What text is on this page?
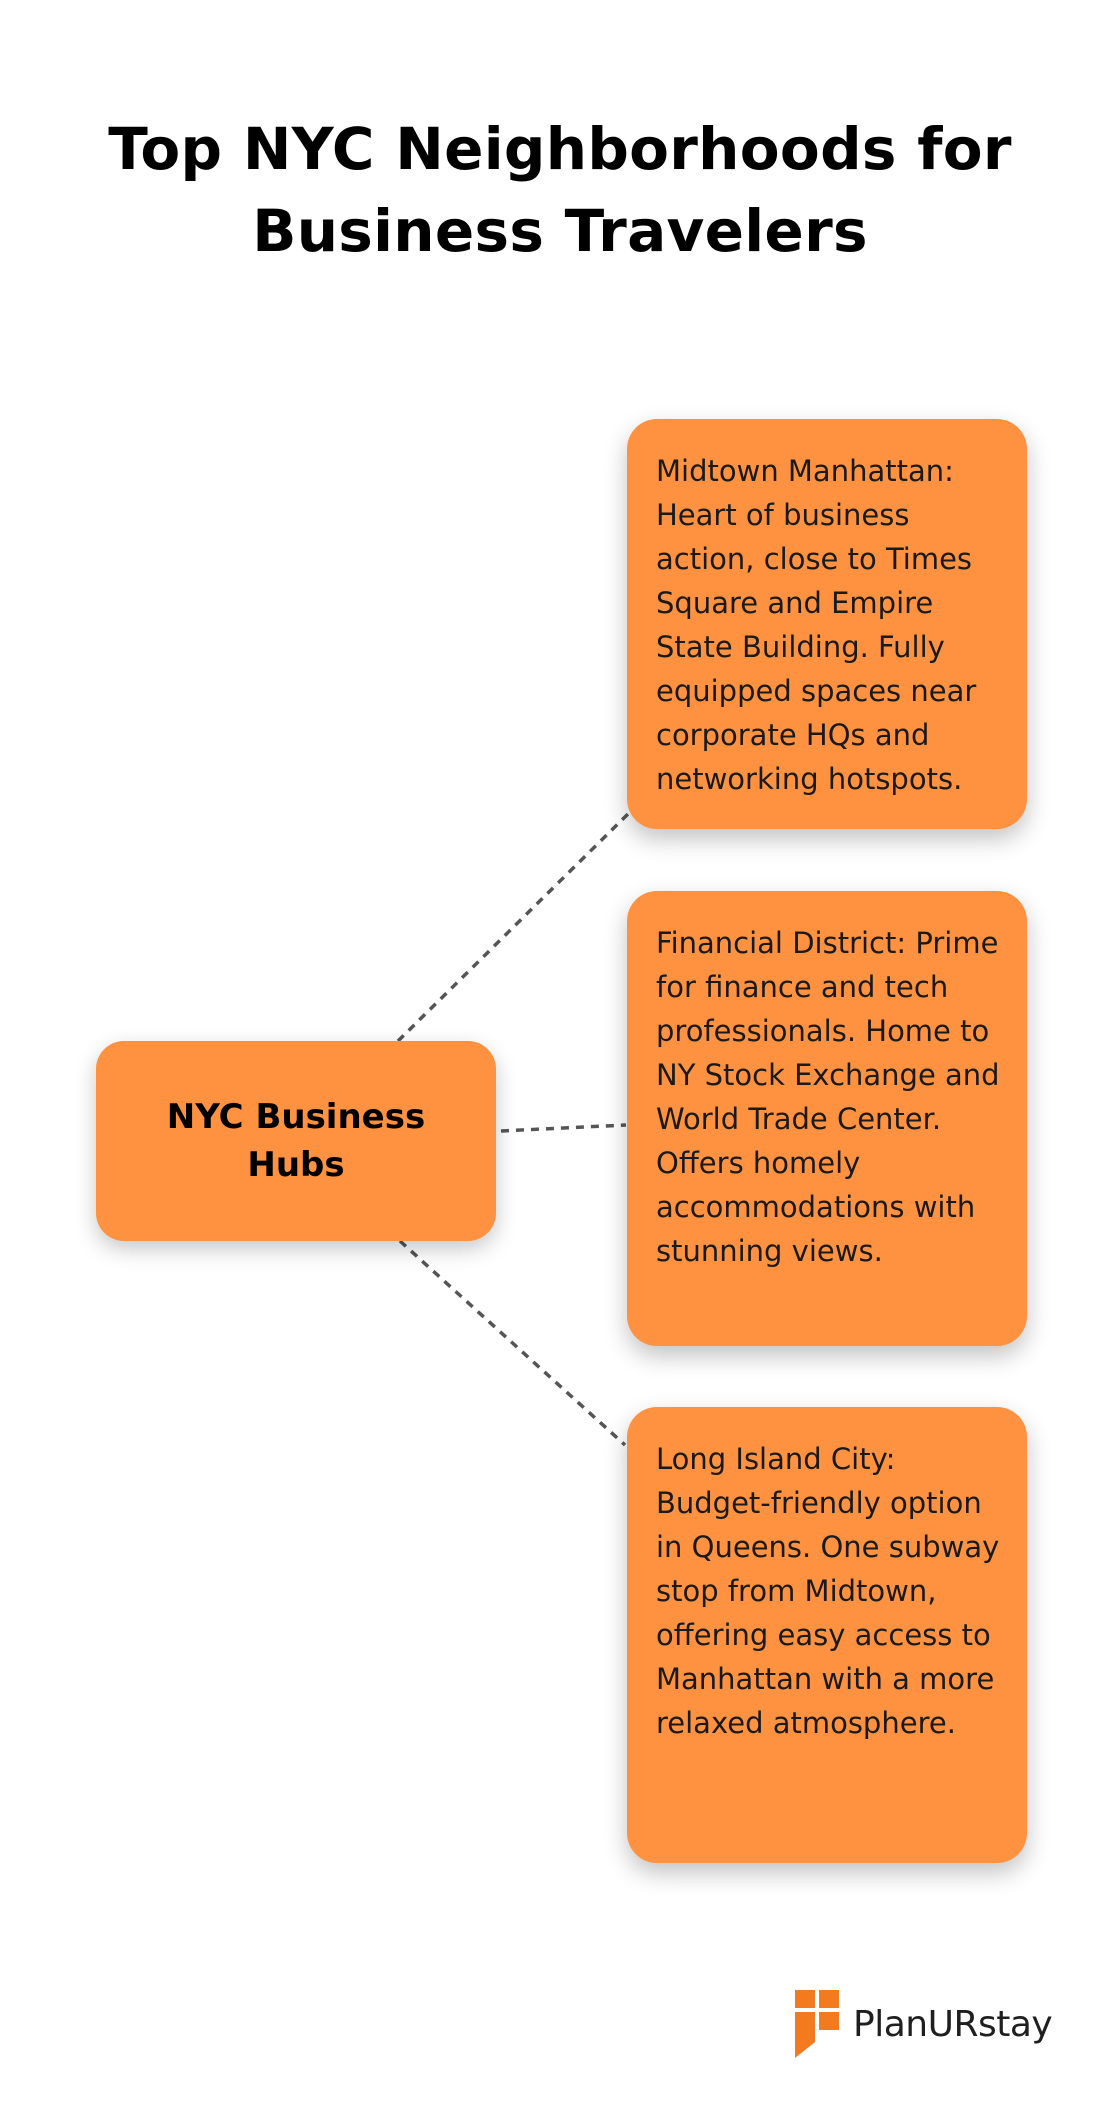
Top NYC Neighborhoods for Business Travelers
NYC Business Hubs

Midtown Manhattan: Heart of business action, close to Times Square and Empire State Building. Fully equipped spaces near corporate HQs and networking hotspots.

Financial District: Prime for finance and tech professionals. Home to NY Stock Exchange and World Trade Center. Offers homely accommodations with stunning views.

Long Island City: Budget-friendly option in Queens. One subway stop from Midtown, offering easy access to Manhattan with a more relaxed atmosphere.

PlanURstay
